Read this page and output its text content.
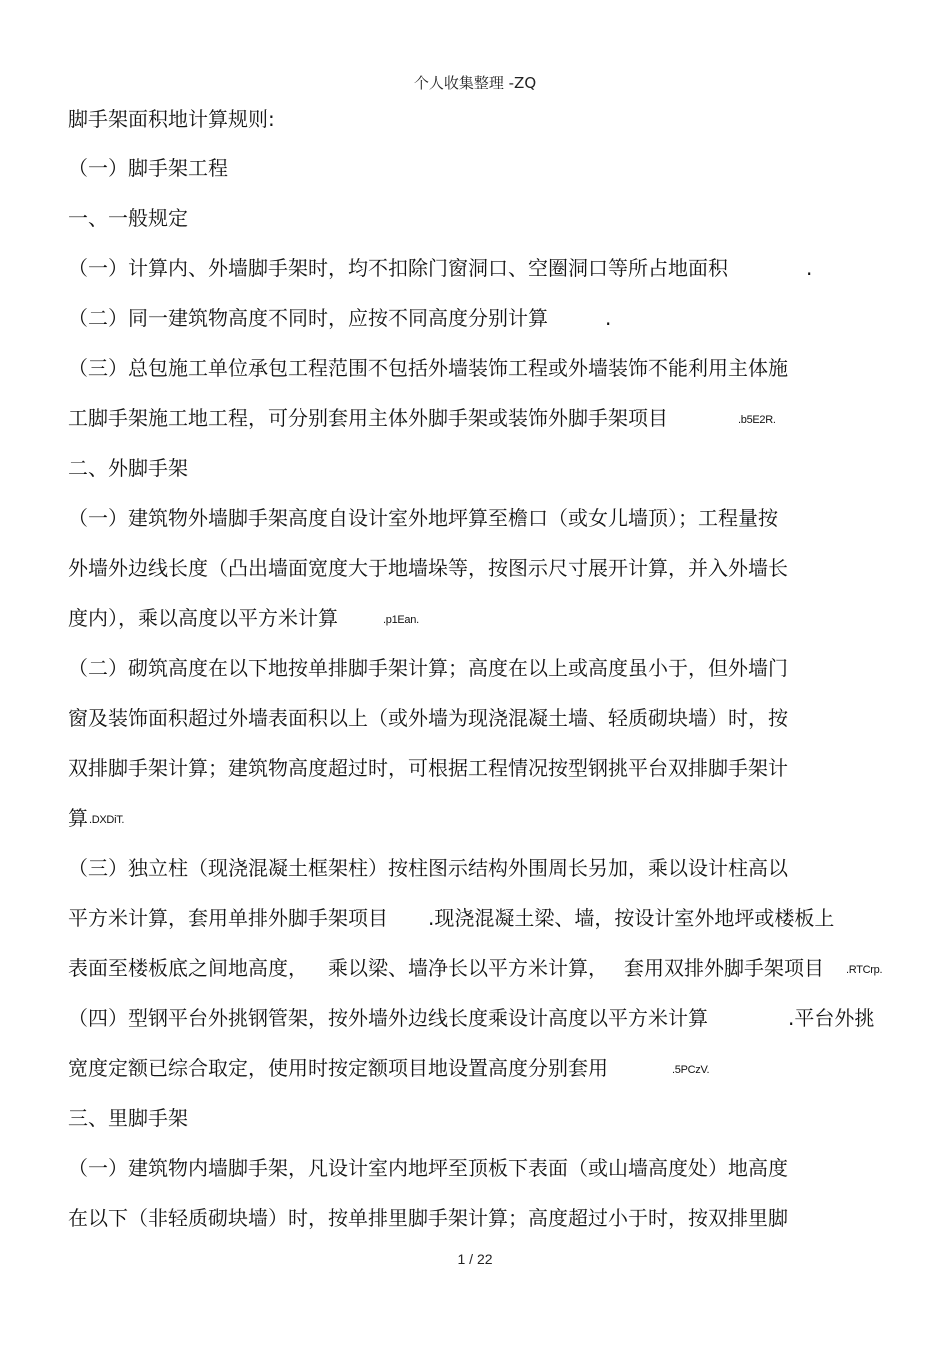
个人收集整理 -ZQ
脚手架面积地计算规则:
（一）脚手架工程
一、一般规定
（一）计算内、外墙脚手架时，均不扣除门窗洞口、空圈洞口等所占地面积	.
（二）同一建筑物高度不同时，应按不同高度分别计算	.
（三）总包施工单位承包工程范围不包括外墙装饰工程或外墙装饰不能利用主体施
工脚手架施工地工程，可分别套用主体外脚手架或装饰外脚手架项目	.b5E2R.
二、外脚手架
（一）建筑物外墙脚手架高度自设计室外地坪算至檐口（或女儿墙顶）；工程量按
外墙外边线长度（凸出墙面宽度大于地墙垛等，按图示尺寸展开计算，并入外墙长
度内），乘以高度以平方米计算	.p1Ean.
（二）砌筑高度在以下地按单排脚手架计算；高度在以上或高度虽小于，但外墙门
窗及装饰面积超过外墙表面积以上（或外墙为现浇混凝土墙、轻质砌块墙）时，按
双排脚手架计算；建筑物高度超过时，可根据工程情况按型钢挑平台双排脚手架计
算 .DXDiT.
（三）独立柱（现浇混凝土框架柱）按柱图示结构外围周长另加，乘以设计柱高以
平方米计算，套用单排外脚手架项目 .现浇混凝土梁、墙，按设计室外地坪或楼板上
表面至楼板底之间地高度， 乘以梁、墙净长以平方米计算， 套用双排外脚手架项目 .RTCrp.
（四）型钢平台外挑钢管架，按外墙外边线长度乘设计高度以平方米计算	.平台外挑
宽度定额已综合取定，使用时按定额项目地设置高度分别套用	.5PCzV.
三、里脚手架
（一）建筑物内墙脚手架，凡设计室内地坪至顶板下表面（或山墙高度处）地高度
在以下（非轻质砌块墙）时，按单排里脚手架计算；高度超过小于时，按双排里脚
1 / 22
